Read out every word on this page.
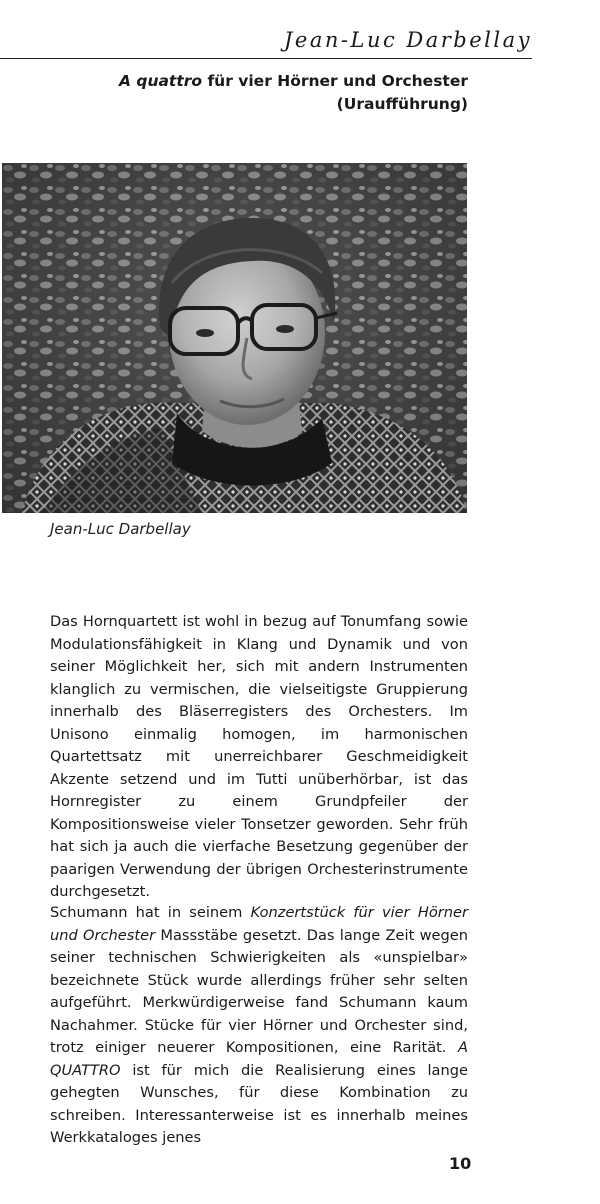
Jean-Luc Darbellay
A quattro für vier Hörner und Orchester
(Uraufführung)
Jean-Luc Darbellay

Das Hornquartett ist wohl in bezug auf Tonumfang sowie Modulationsfähigkeit in Klang und Dynamik und von seiner Möglichkeit her, sich mit andern Instrumenten klanglich zu vermischen, die vielseitigste Gruppierung innerhalb des Bläserregisters des Orchesters. Im Unisono einmalig homogen, im harmonischen Quartettsatz mit unerreichbarer Geschmeidigkeit Akzente setzend und im Tutti unüberhörbar, ist das Hornregister zu einem Grundpfeiler der Kompositionsweise vieler Tonsetzer geworden. Sehr früh hat sich ja auch die vierfache Besetzung gegenüber der paarigen Verwendung der übrigen Orchesterinstrumente durchgesetzt.

Schumann hat in seinem Konzertstück für vier Hörner und Orchester Massstäbe gesetzt. Das lange Zeit wegen seiner technischen Schwierigkeiten als «unspielbar» bezeichnete Stück wurde allerdings früher sehr selten aufgeführt. Merkwürdigerweise fand Schumann kaum Nachahmer. Stücke für vier Hörner und Orchester sind, trotz einiger neuerer Kompositionen, eine Rarität. A QUATTRO ist für mich die Realisierung eines lange gehegten Wunsches, für diese Kombination zu schreiben. Interessanterweise ist es innerhalb meines Werkkataloges jenes

10
